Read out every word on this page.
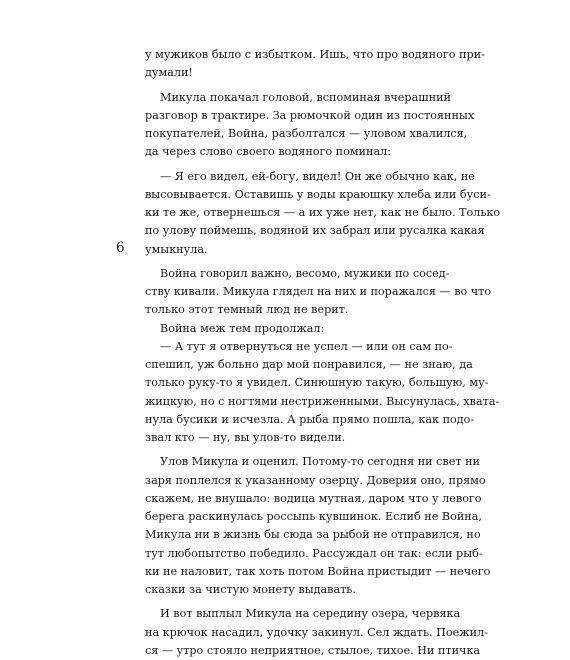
6
у мужиков было с избытком. Ишь, что про водяного при-
думали!
Микула покачал головой, вспоминая вчерашний
разговор в трактире. За рюмочкой один из постоянных
покупателей, Война, разболтался — уловом хвалился,
да через слово своего водяного поминал:
— Я его видел, ей-богу, видел! Он же обычно как, не
высовывается. Оставишь у воды краюшку хлеба или буси-
ки те же, отвернешься — а их уже нет, как не было. Только
по улову поймешь, водяной их забрал или русалка какая
умыкнула.
Война говорил важно, весомо, мужики по сосед-
ству кивали. Микула глядел на них и поражался — во что
только этот темный люд не верит.
Война меж тем продолжал:
— А тут я отвернуться не успел — или он сам по-
спешил, уж больно дар мой понравился, — не знаю, да
только руку-то я увидел. Синюшную такую, большую, му-
жицкую, но с ногтями нестриженными. Высунулась, хвата-
нула бусики и исчезла. А рыба прямо пошла, как подо-
звал кто — ну, вы улов-то видели.
Улов Микула и оценил. Потому-то сегодня ни свет ни
заря поплелся к указанному озерцу. Доверия оно, прямо
скажем, не внушало: водица мутная, даром что у левого
берега раскинулась россыпь кувшинок. Еслиб не Война,
Микула ни в жизнь бы сюда за рыбой не отправился, но
тут любопытство победило. Рассуждал он так: если рыб-
ки не наловит, так хоть потом Война пристыдит — нечего
сказки за чистую монету выдавать.
И вот выплыл Микула на середину озера, червяка
на крючок насадил, удочку закинул. Сел ждать. Поежил-
ся — утро стояло неприятное, стылое, тихое. Ни птичка
